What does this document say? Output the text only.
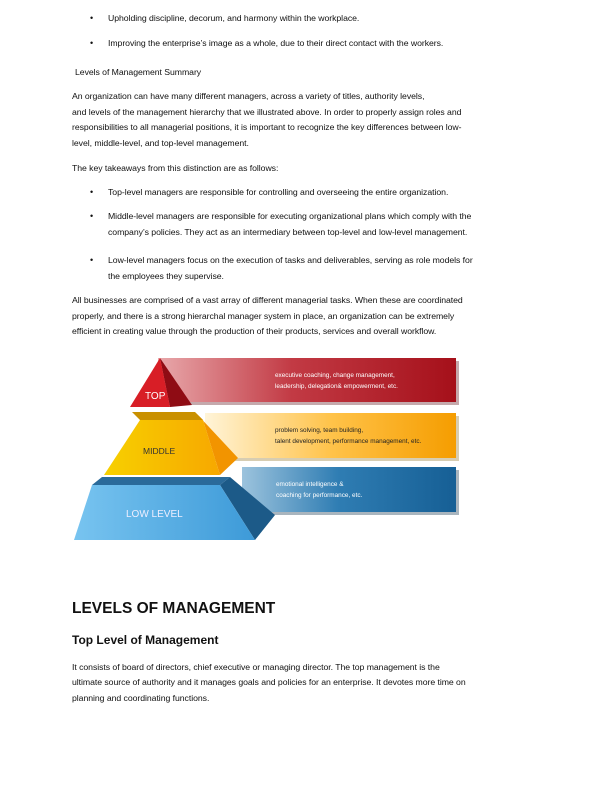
• Upholding discipline, decorum, and harmony within the workplace.
• Improving the enterprise’s image as a whole, due to their direct contact with the workers.
Levels of Management Summary
An organization can have many different managers, across a variety of titles, authority levels,
and levels of the management hierarchy that we illustrated above. In order to properly assign roles and
responsibilities to all managerial positions, it is important to recognize the key differences between low-
level, middle-level, and top-level management.
The key takeaways from this distinction are as follows:
• Top-level managers are responsible for controlling and overseeing the entire organization.
• Middle-level managers are responsible for executing organizational plans which comply with the
company’s policies. They act as an intermediary between top-level and low-level management.
• Low-level managers focus on the execution of tasks and deliverables, serving as role models for
the employees they supervise.
All businesses are comprised of a vast array of different managerial tasks. When these are coordinated
properly, and there is a strong hierarchal manager system in place, an organization can be extremely
efficient in creating value through the production of their products, services and overall workflow.
TOP
MIDDLE
LOW LEVEL
executive coaching, change management,
leadership, delegation& empowerment, etc.
problem solving, team building,
talent development, performance management, etc.
emotional intelligence &
coaching for performance, etc.
LEVELS OF MANAGEMENT
Top Level of Management
It consists of board of directors, chief executive or managing director. The top management is the
ultimate source of authority and it manages goals and policies for an enterprise. It devotes more time on
planning and coordinating functions.
